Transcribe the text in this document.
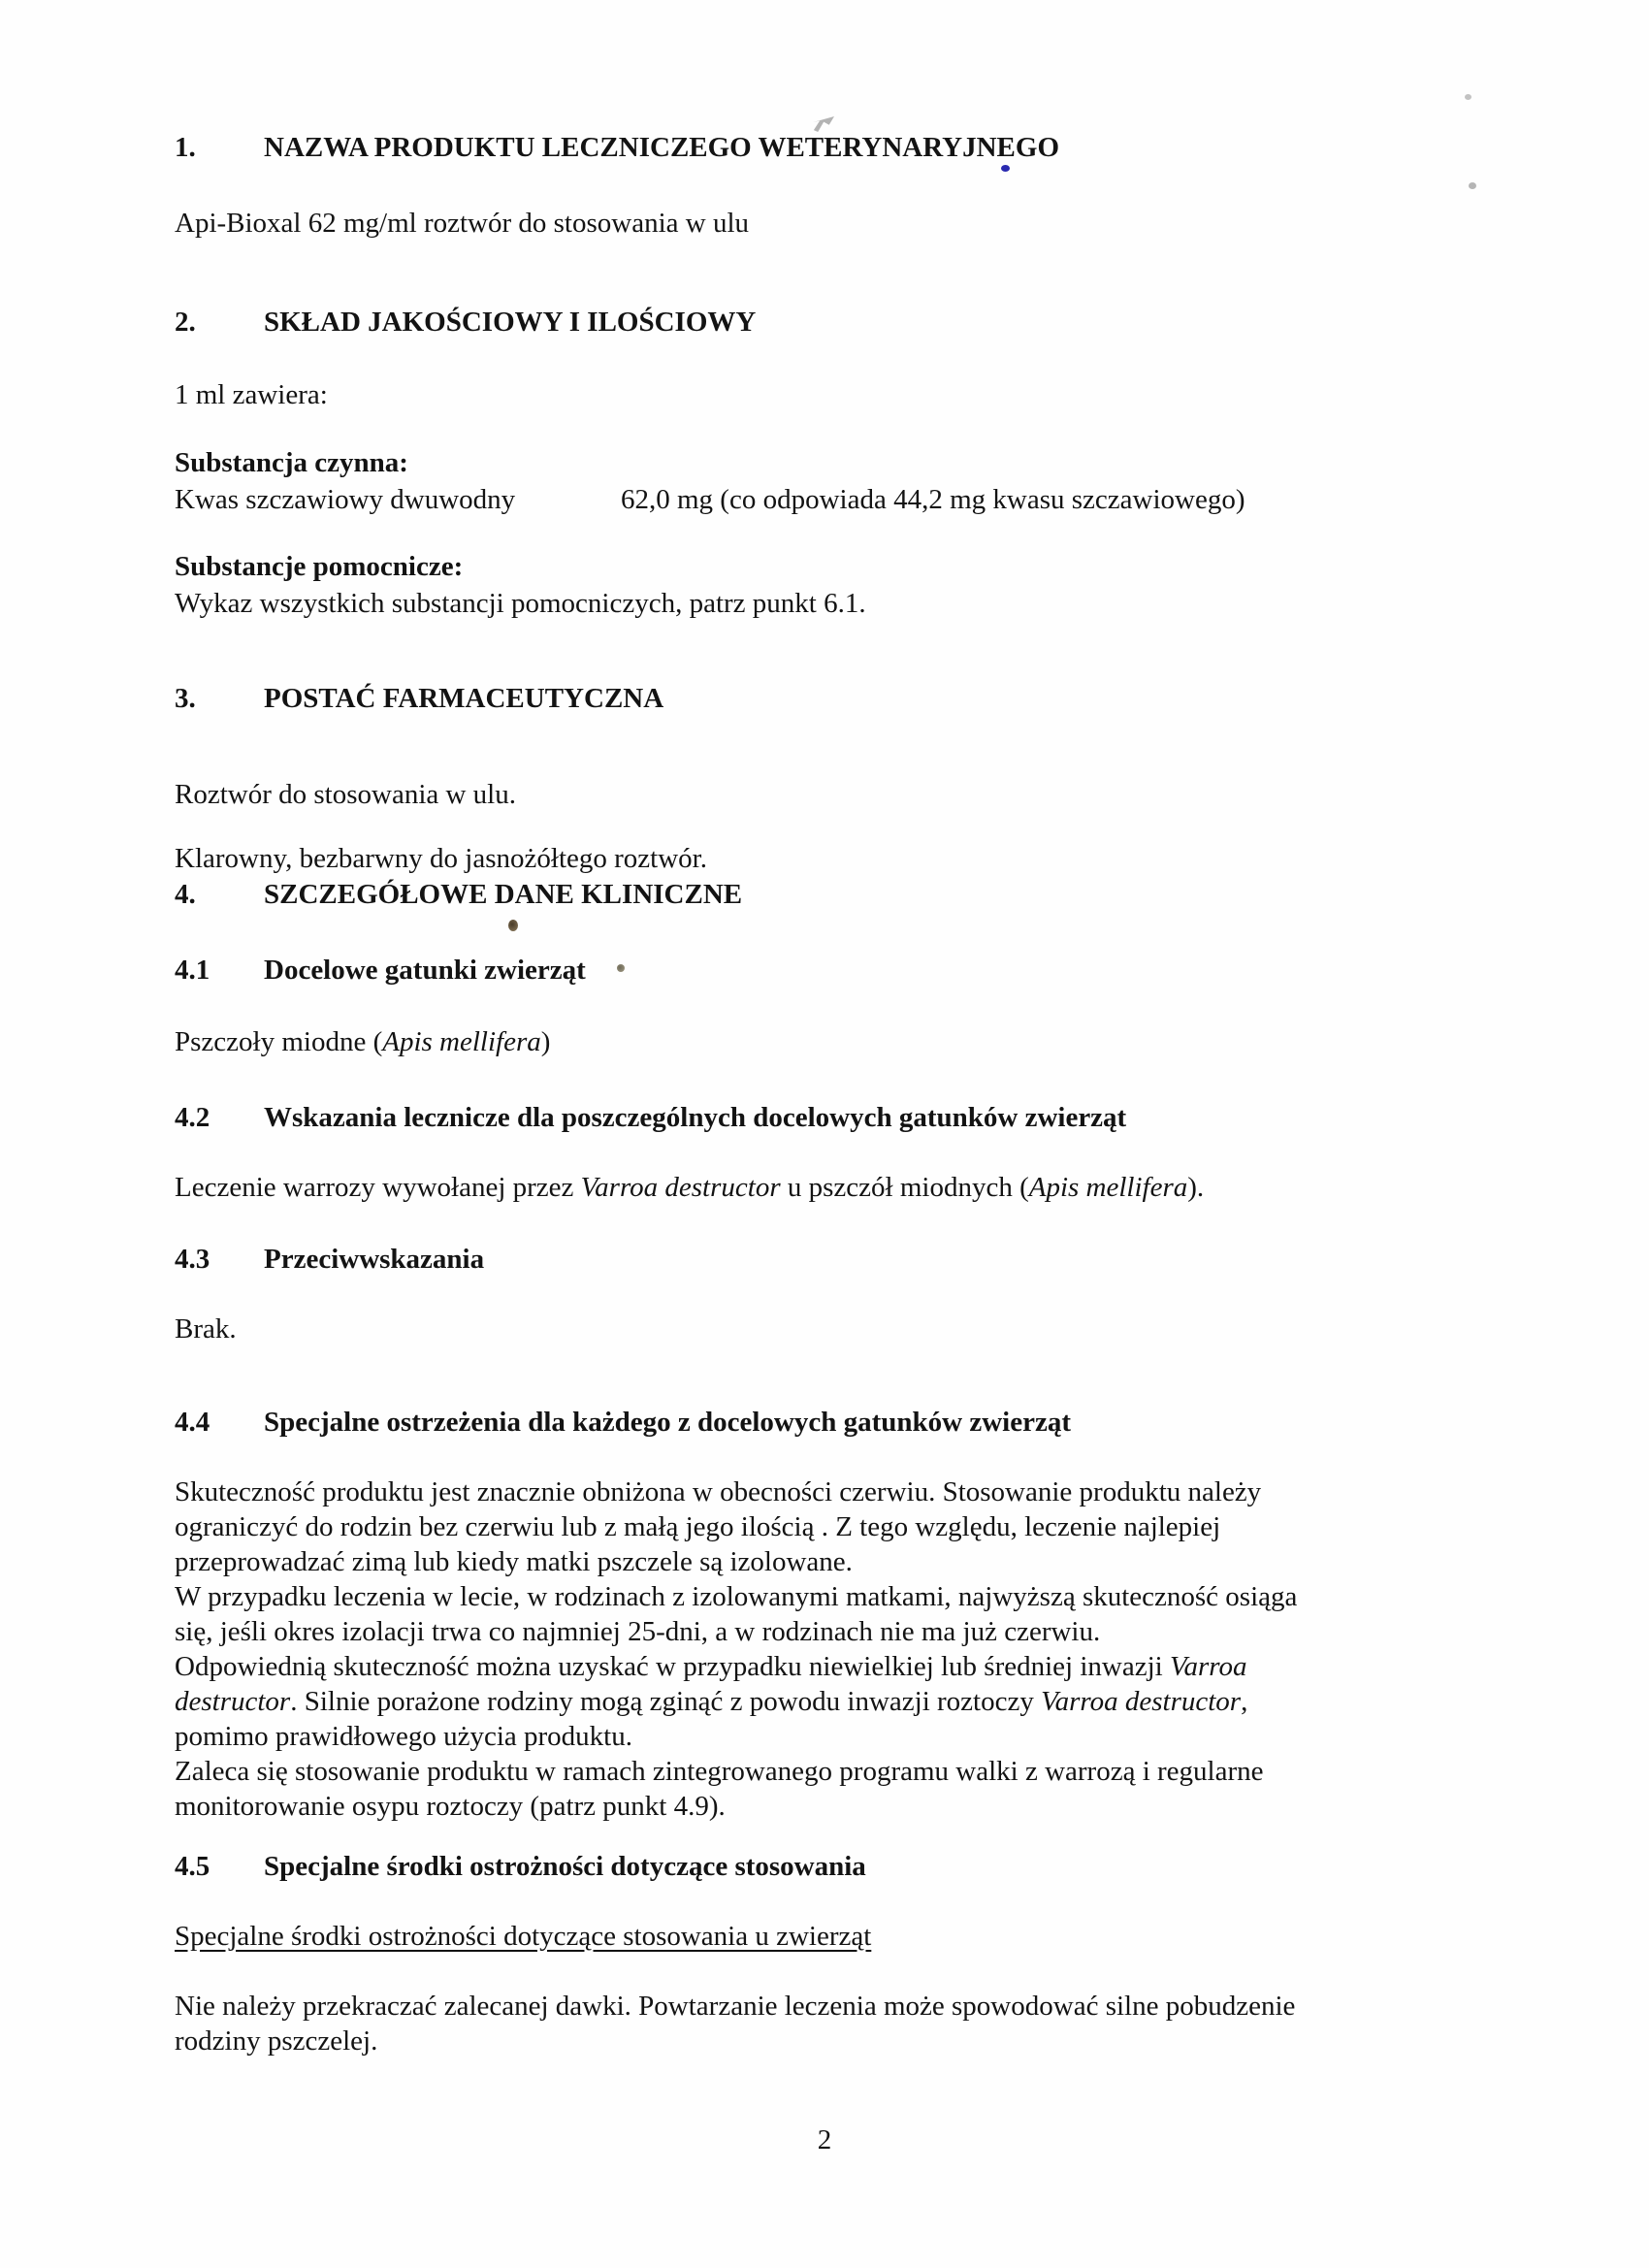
1. NAZWA PRODUKTU LECZNICZEGO WETERYNARYJNEGO
Api-Bioxal 62 mg/ml roztwór do stosowania w ulu
2. SKŁAD JAKOŚCIOWY I ILOŚCIOWY
1 ml zawiera:
Substancja czynna:
Kwas szczawiowy dwuwodny	62,0 mg (co odpowiada 44,2 mg kwasu szczawiowego)
Substancje pomocnicze:
Wykaz wszystkich substancji pomocniczych, patrz punkt 6.1.
3. POSTAĆ FARMACEUTYCZNA

Roztwór do stosowania w ulu.

Klarowny, bezbarwny do jasnożółtego roztwór.

4. SZCZEGÓŁOWE DANE KLINICZNE
4.1 Docelowe gatunki zwierząt
Pszczoły miodne (Apis mellifera)
4.2 Wskazania lecznicze dla poszczególnych docelowych gatunków zwierząt
Leczenie warrozy wywołanej przez Varroa destructor u pszczół miodnych (Apis mellifera).
4.3 Przeciwwskazania
Brak.
4.4 Specjalne ostrzeżenia dla każdego z docelowych gatunków zwierząt

Skuteczność produktu jest znacznie obniżona w obecności czerwiu. Stosowanie produktu należy

ograniczyć do rodzin bez czerwiu lub z małą jego ilością . Z tego względu, leczenie najlepiej

przeprowadzać zimą lub kiedy matki pszczele są izolowane.

W przypadku leczenia w lecie, w rodzinach z izolowanymi matkami, najwyższą skuteczność osiąga

się, jeśli okres izolacji trwa co najmniej 25-dni, a w rodzinach nie ma już czerwiu.

Odpowiednią skuteczność można uzyskać w przypadku niewielkiej lub średniej inwazji Varroa

destructor. Silnie porażone rodziny mogą zginąć z powodu inwazji roztoczy Varroa destructor,

pomimo prawidłowego użycia produktu.

Zaleca się stosowanie produktu w ramach zintegrowanego programu walki z warrozą i regularne

monitorowanie osypu roztoczy (patrz punkt 4.9).

4.5 Specjalne środki ostrożności dotyczące stosowania
Specjalne środki ostrożności dotyczące stosowania u zwierząt

Nie należy przekraczać zalecanej dawki. Powtarzanie leczenia może spowodować silne pobudzenie

rodziny pszczelej.

2
